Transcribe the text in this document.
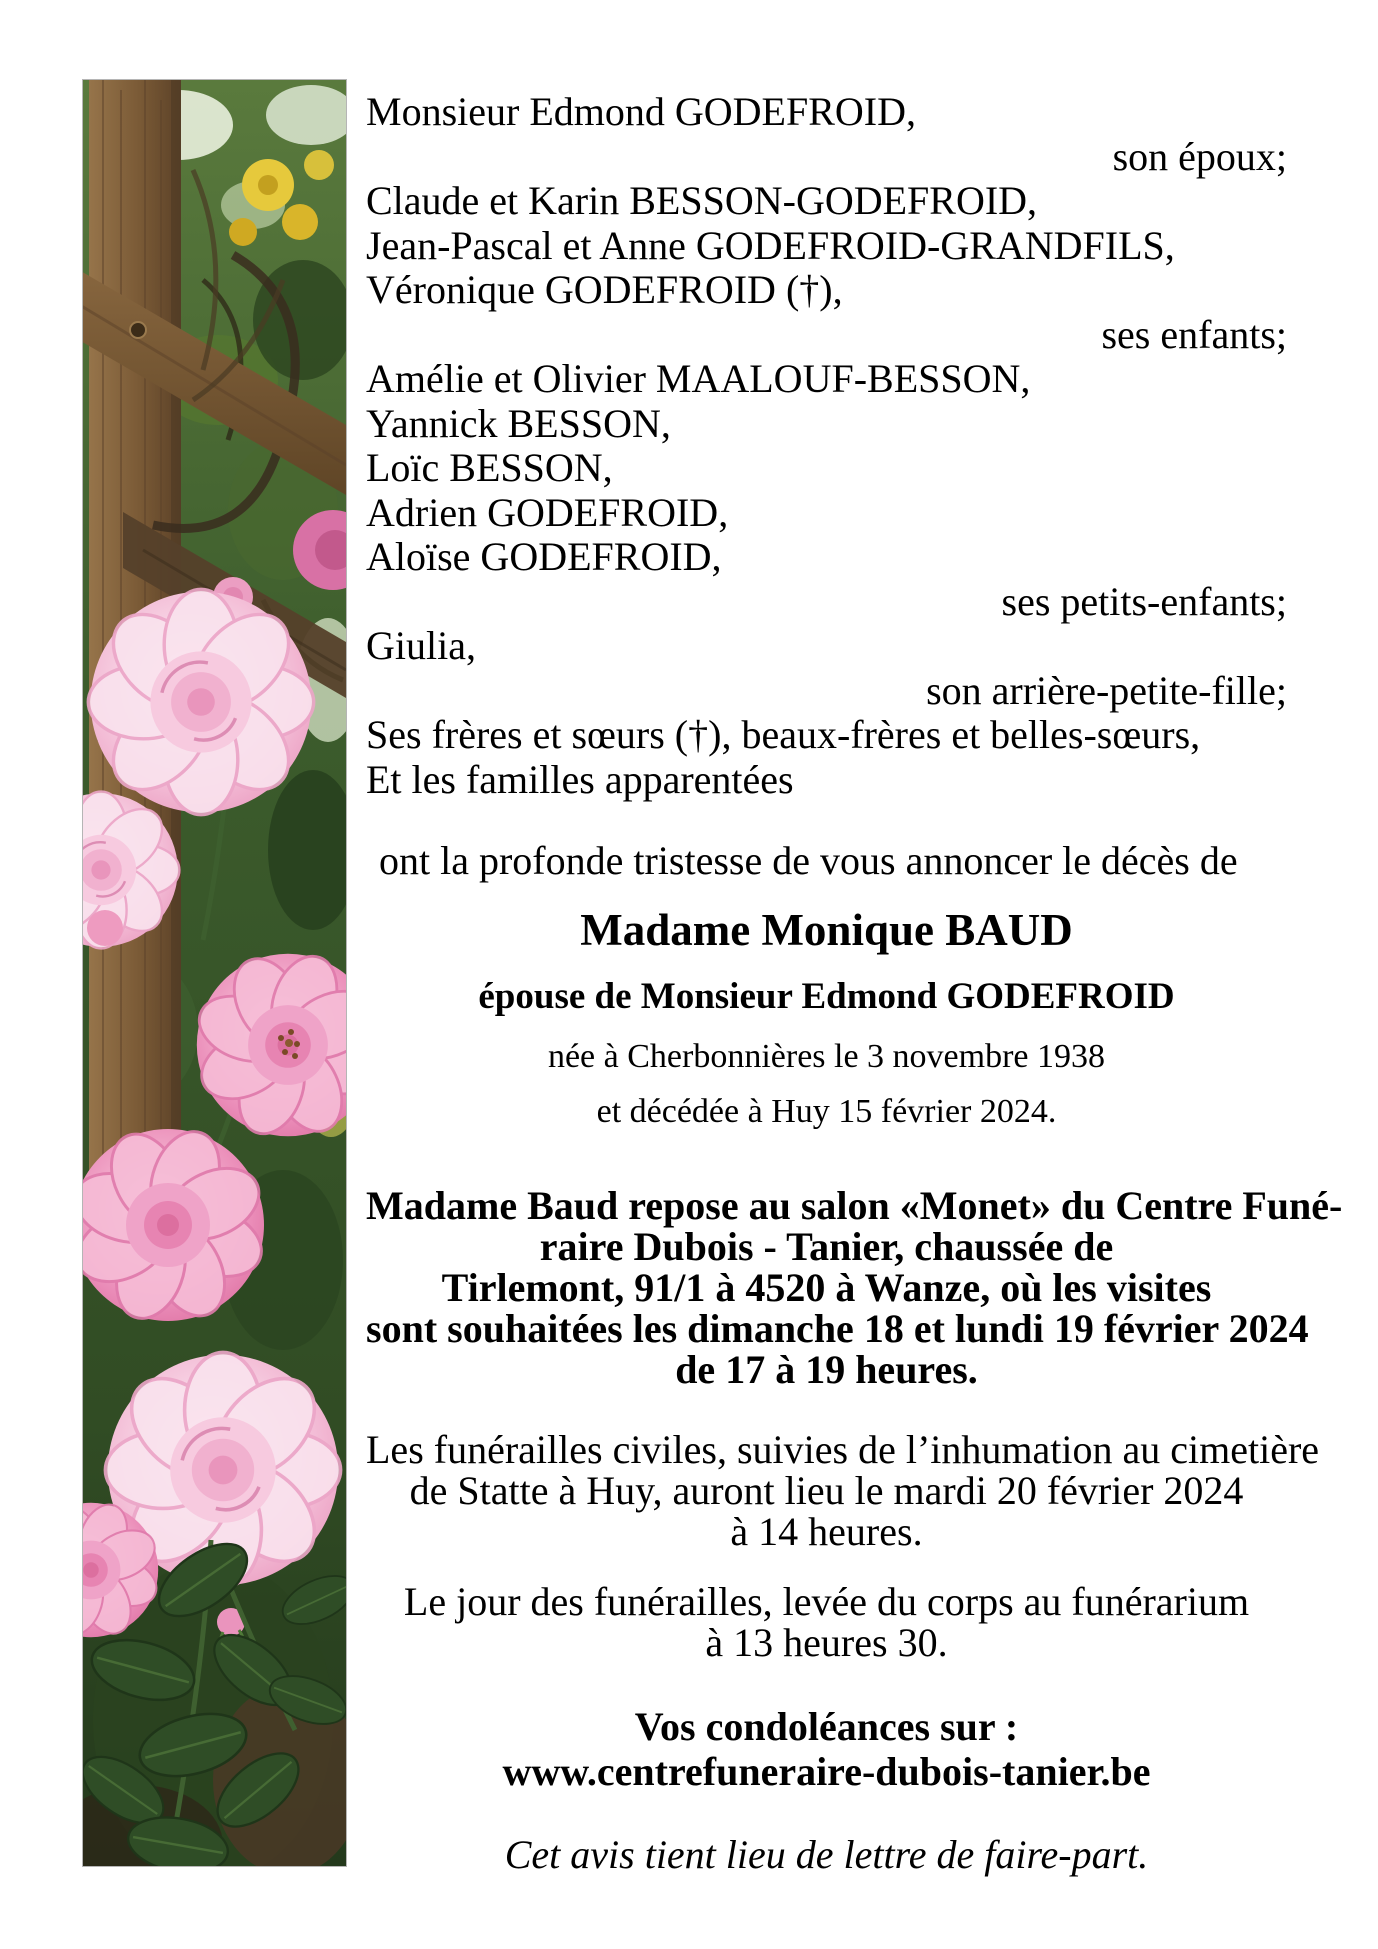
Monsieur Edmond GODEFROID,
son époux;
Claude et Karin BESSON-GODEFROID,
Jean-Pascal et Anne GODEFROID-GRANDFILS,
Véronique GODEFROID (†),
ses enfants;
Amélie et Olivier MAALOUF-BESSON,
Yannick BESSON,
Loïc BESSON,
Adrien GODEFROID,
Aloïse GODEFROID,
ses petits-enfants;
Giulia,
son arrière-petite-fille;
Ses frères et sœurs (†), beaux-frères et belles-sœurs,
Et les familles apparentées
ont la profonde tristesse de vous annoncer le décès de
Madame Monique BAUD
épouse de Monsieur Edmond GODEFROID
née à Cherbonnières le 3 novembre 1938
et décédée à Huy 15 février 2024.
Madame Baud repose au salon «Monet» du Centre Funé-
raire Dubois - Tanier, chaussée de
Tirlemont, 91/1 à 4520 à Wanze, où les visites
sont souhaitées les dimanche 18 et lundi 19 février 2024
de 17 à 19 heures.
Les funérailles civiles, suivies de l’inhumation au cimetière
de Statte à Huy, auront lieu le mardi 20 février 2024
à 14 heures.
Le jour des funérailles, levée du corps au funérarium
à 13 heures 30.
Vos condoléances sur :
www.centrefuneraire-dubois-tanier.be
Cet avis tient lieu de lettre de faire-part.
